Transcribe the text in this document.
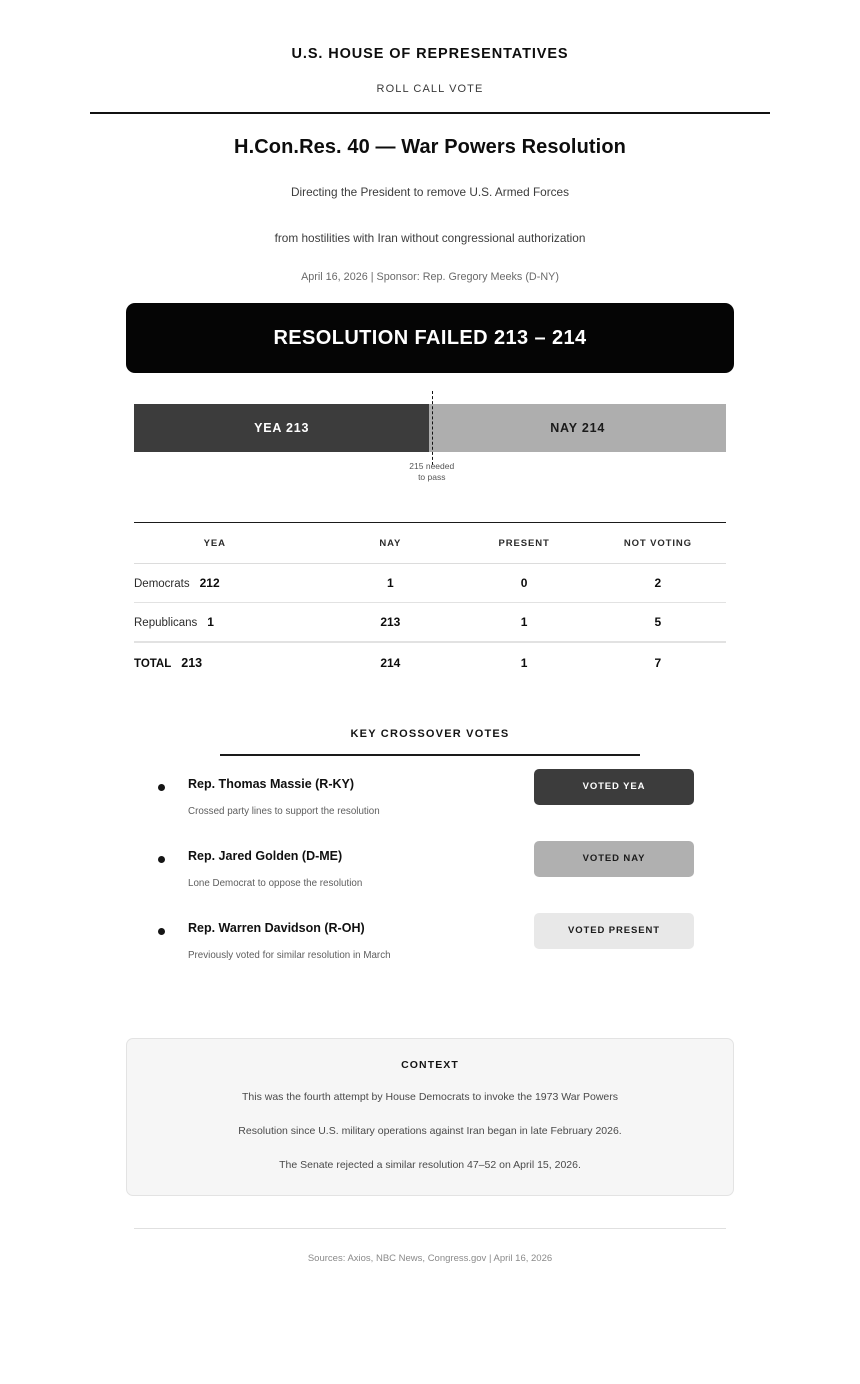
U.S. HOUSE OF REPRESENTATIVES
ROLL CALL VOTE
H.Con.Res. 40 — War Powers Resolution
Directing the President to remove U.S. Armed Forces
from hostilities with Iran without congressional authorization
April 16, 2026 | Sponsor: Rep. Gregory Meeks (D-NY)
RESOLUTION FAILED 213 – 214
YEA 213	NAY 214
215 needed
to pass
YEA	NAY	PRESENT	NOT VOTING
Democrats 212	1	0	2
Republicans 1	213	1	5
TOTAL 213	214	1	7
KEY CROSSOVER VOTES
Rep. Thomas Massie (R-KY)
Crossed party lines to support the resolution
VOTED YEA
Rep. Jared Golden (D-ME)
Lone Democrat to oppose the resolution
VOTED NAY
Rep. Warren Davidson (R-OH)
Previously voted for similar resolution in March
VOTED PRESENT
CONTEXT
This was the fourth attempt by House Democrats to invoke the 1973 War Powers
Resolution since U.S. military operations against Iran began in late February 2026.
The Senate rejected a similar resolution 47–52 on April 15, 2026.
Sources: Axios, NBC News, Congress.gov | April 16, 2026
